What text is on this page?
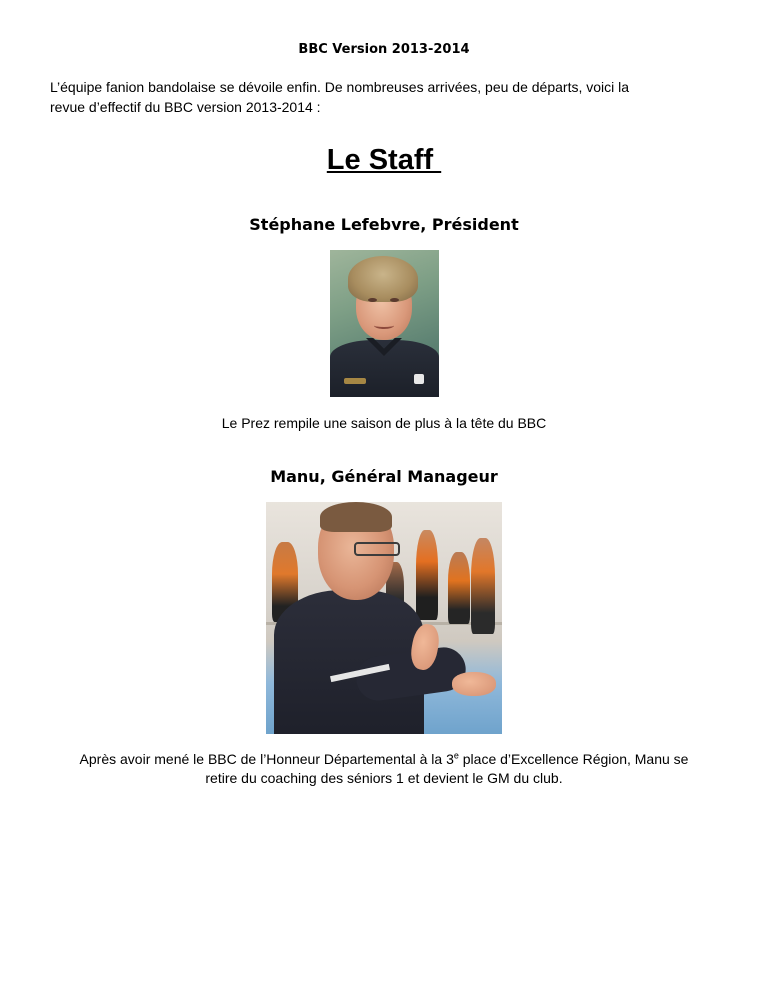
BBC Version 2013-2014
L’équipe fanion bandolaise se dévoile enfin. De nombreuses arrivées, peu de départs, voici la
revue d’effectif du BBC version 2013-2014 :
Le Staff
Stéphane Lefebvre, Président
Le Prez rempile une saison de plus à la tête du BBC
Manu, Général Manageur
Après avoir mené le BBC de l’Honneur Départemental à la 3e place d’Excellence Région, Manu se
retire du coaching des séniors 1 et devient le GM du club.
